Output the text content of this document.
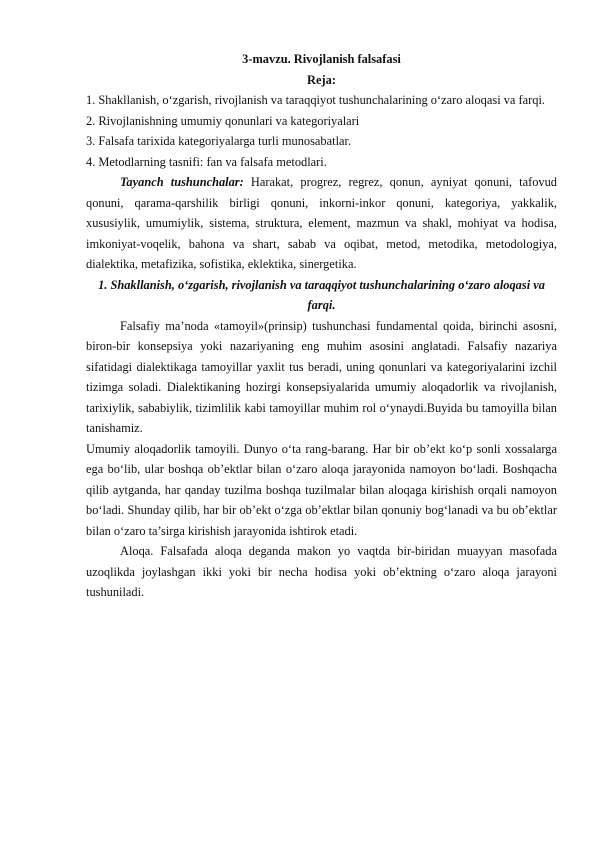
3-mavzu. Rivojlanish falsafasi
Reja:
1. Shakllanish, o‘zgarish, rivojlanish va taraqqiyot tushunchalarining o‘zaro aloqasi va farqi.
2. Rivojlanishning umumiy qonunlari va kategoriyalari
3. Falsafa tarixida kategoriyalarga turli munosabatlar.
4. Metodlarning tasnifi: fan va falsafa metodlari.

Tayanch tushunchalar: Harakat, progrez, regrez, qonun, ayniyat qonuni, tafovud qonuni, qarama-qarshilik birligi qonuni, inkorni-inkor qonuni, kategoriya, yakkalik, xususiylik, umumiylik, sistema, struktura, element, mazmun va shakl, mohiyat va hodisa, imkoniyat-voqelik, bahona va shart, sabab va oqibat, metod, metodika, metodologiya, dialektika, metafizika, sofistika, eklektika, sinergetika.

1. Shakllanish, o‘zgarish, rivojlanish va taraqqiyot tushunchalarining o‘zaro aloqasi va farqi.

Falsafiy ma’noda «tamoyil»(prinsip) tushunchasi fundamental qoida, birinchi asosni, biron-bir konsepsiya yoki nazariyaning eng muhim asosini anglatadi. Falsafiy nazariya sifatidagi dialektikaga tamoyillar yaxlit tus beradi, uning qonunlari va kategoriyalarini izchil tizimga soladi. Dialektikaning hozirgi konsepsiyalarida umumiy aloqadorlik va rivojlanish, tarixiylik, sababiylik, tizimlilik kabi tamoyillar muhim rol o‘ynaydi.Buyida bu tamoyilla bilan tanishamiz.

Umumiy aloqadorlik tamoyili. Dunyo o‘ta rang-barang. Har bir ob’ekt ko‘p sonli xossalarga ega bo‘lib, ular boshqa ob’ektlar bilan o‘zaro aloqa jarayonida namoyon bo‘ladi. Boshqacha qilib aytganda, har qanday tuzilma boshqa tuzilmalar bilan aloqaga kirishish orqali namoyon bo‘ladi. Shunday qilib, har bir ob’ekt o‘zga ob’ektlar bilan qonuniy bog‘lanadi va bu ob’ektlar bilan o‘zaro ta’sirga kirishish jarayonida ishtirok etadi.

Aloqa. Falsafada aloqa deganda makon yo vaqtda bir-biridan muayyan masofada uzoqlikda joylashgan ikki yoki bir necha hodisa yoki ob’ektning o‘zaro aloqa jarayoni tushuniladi.
